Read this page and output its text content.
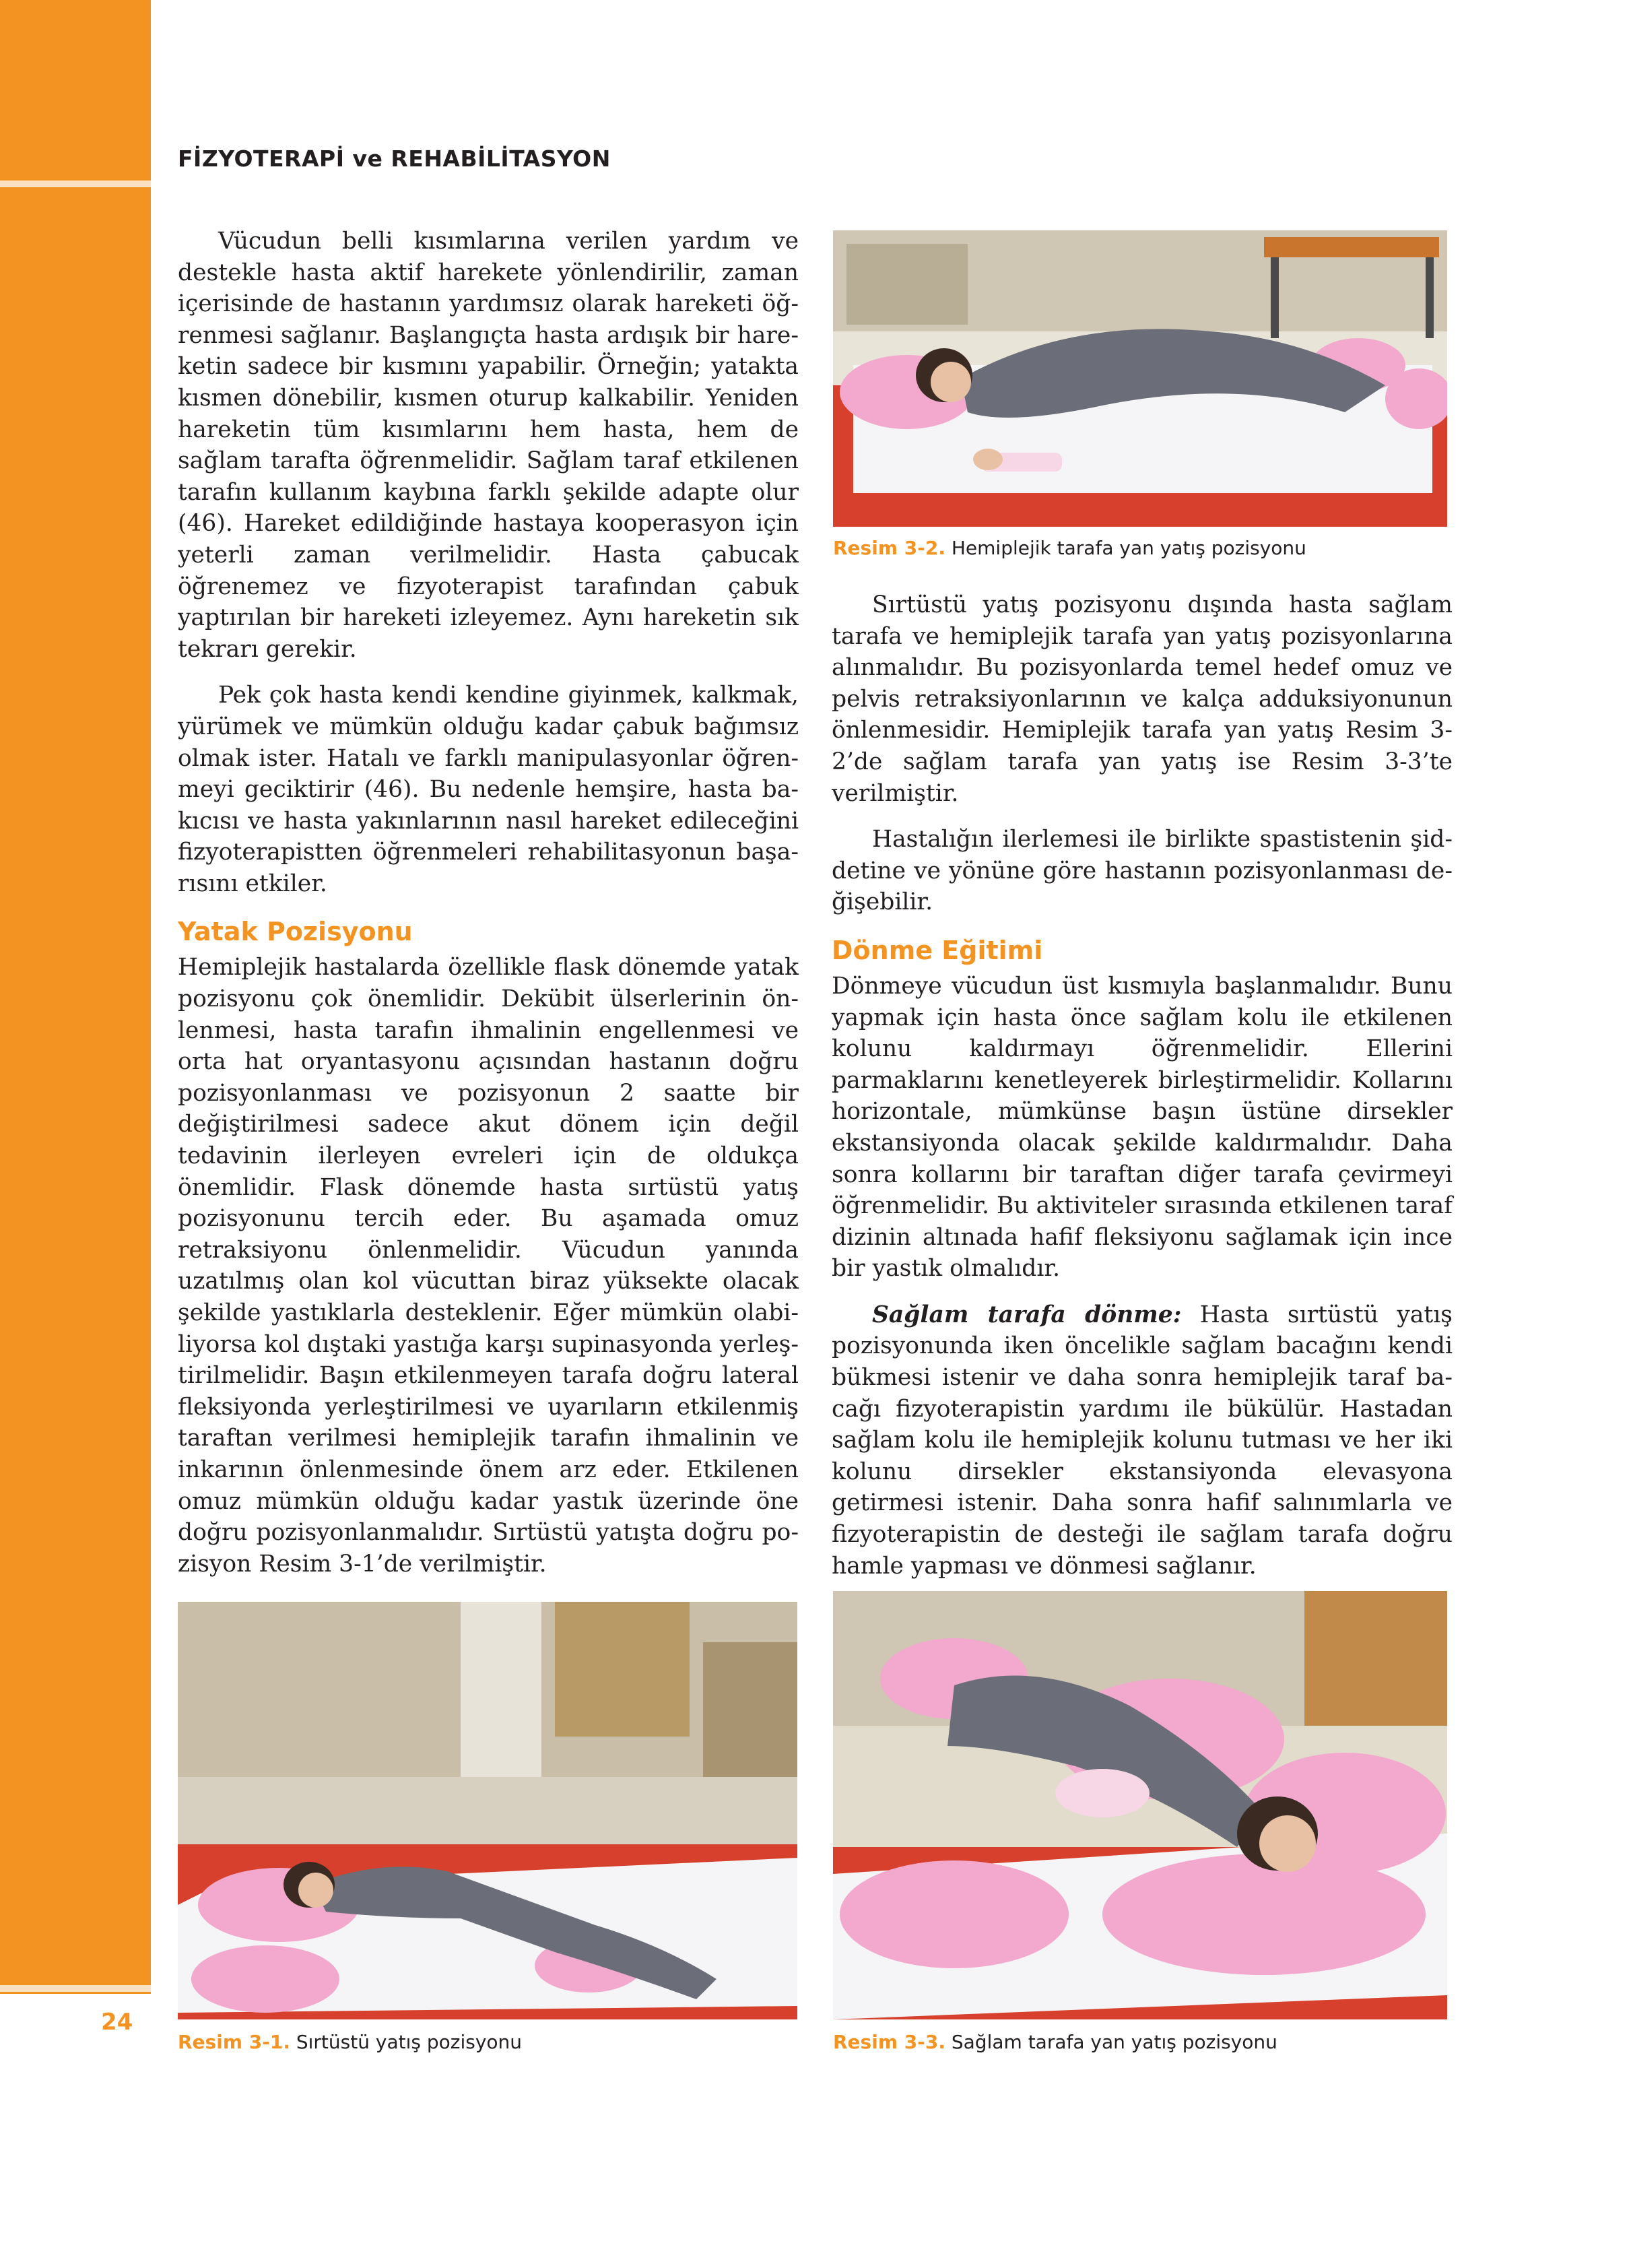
24
FİZYOTERAPİ ve REHABİLİTASYON

Vücudun belli kısımlarına verilen yardım ve destekle hasta aktif harekete yönlendirilir, zaman içerisinde de hastanın yardımsız olarak hareketi öğrenmesi sağlanır. Başlangıçta hasta ardışık bir hareketin sadece bir kısmını yapabilir. Örneğin; yatakta kısmen dönebilir, kısmen oturup kalkabilir. Yeniden hareketin tüm kısımlarını hem hasta, hem de sağlam tarafta öğrenmelidir. Sağlam taraf etkilenen tarafın kullanım kaybına farklı şekilde adapte olur (46). Hareket edildiğinde hastaya kooperasyon için yeterli zaman verilmelidir. Hasta çabucak öğrenemez ve fizyoterapist tarafından çabuk yaptırılan bir hareketi izleyemez. Aynı hareketin sık tekrarı gerekir.

Pek çok hasta kendi kendine giyinmek, kalkmak, yürümek ve mümkün olduğu kadar çabuk bağımsız olmak ister. Hatalı ve farklı manipulasyonlar öğrenmeyi geciktirir (46). Bu nedenle hemşire, hasta bakıcısı ve hasta yakınlarının nasıl hareket edileceğini fizyoterapistten öğrenmeleri rehabilitasyonun başarısını etkiler.

Yatak Pozisyonu

Hemiplejik hastalarda özellikle flask dönemde yatak pozisyonu çok önemlidir. Dekübit ülserlerinin önlenmesi, hasta tarafın ihmalinin engellenmesi ve orta hat oryantasyonu açısından hastanın doğru pozisyonlanması ve pozisyonun 2 saatte bir değiştirilmesi sadece akut dönem için değil tedavinin ilerleyen evreleri için de oldukça önemlidir. Flask dönemde hasta sırtüstü yatış pozisyonunu tercih eder. Bu aşamada omuz retraksiyonu önlenmelidir. Vücudun yanında uzatılmış olan kol vücuttan biraz yüksekte olacak şekilde yastıklarla desteklenir. Eğer mümkün olabiliyorsa kol dıştaki yastığa karşı supinasyonda yerleştirilmelidir. Başın etkilenmeyen tarafa doğru lateral fleksiyonda yerleştirilmesi ve uyarıların etkilenmiş taraftan verilmesi hemiplejik tarafın ihmalinin ve inkarının önlenmesinde önem arz eder. Etkilenen omuz mümkün olduğu kadar yastık üzerinde öne doğru pozisyonlanmalıdır. Sırtüstü yatışta doğru pozisyon Resim 3-1’de verilmiştir.

Sırtüstü yatış pozisyonu dışında hasta sağlam tarafa ve hemiplejik tarafa yan yatış pozisyonlarına alınmalıdır. Bu pozisyonlarda temel hedef omuz ve pelvis retraksiyonlarının ve kalça adduksiyonunun önlenmesidir. Hemiplejik tarafa yan yatış Resim 3-2’de sağlam tarafa yan yatış ise Resim 3-3’te verilmiştir.

Hastalığın ilerlemesi ile birlikte spastistenin şiddetine ve yönüne göre hastanın pozisyonlanması değişebilir.

Dönme Eğitimi

Dönmeye vücudun üst kısmıyla başlanmalıdır. Bunu yapmak için hasta önce sağlam kolu ile etkilenen kolunu kaldırmayı öğrenmelidir. Ellerini parmaklarını kenetleyerek birleştirmelidir. Kollarını horizontale, mümkünse başın üstüne dirsekler ekstansiyonda olacak şekilde kaldırmalıdır. Daha sonra kollarını bir taraftan diğer tarafa çevirmeyi öğrenmelidir. Bu aktiviteler sırasında etkilenen taraf dizinin altınada hafif fleksiyonu sağlamak için ince bir yastık olmalıdır.

Sağlam tarafa dönme: Hasta sırtüstü yatış pozisyonunda iken öncelikle sağlam bacağını kendi bükmesi istenir ve daha sonra hemiplejik taraf bacağı fizyoterapistin yardımı ile bükülür. Hastadan sağlam kolu ile hemiplejik kolunu tutması ve her iki kolunu dirsekler ekstansiyonda elevasyona getirmesi istenir. Daha sonra hafif salınımlarla ve fizyoterapistin de desteği ile sağlam tarafa doğru hamle yapması ve dönmesi sağlanır.

Resim 3-2. Hemiplejik tarafa yan yatış pozisyonu
Resim 3-1. Sırtüstü yatış pozisyonu	Resim 3-3. Sağlam tarafa yan yatış pozisyonu
